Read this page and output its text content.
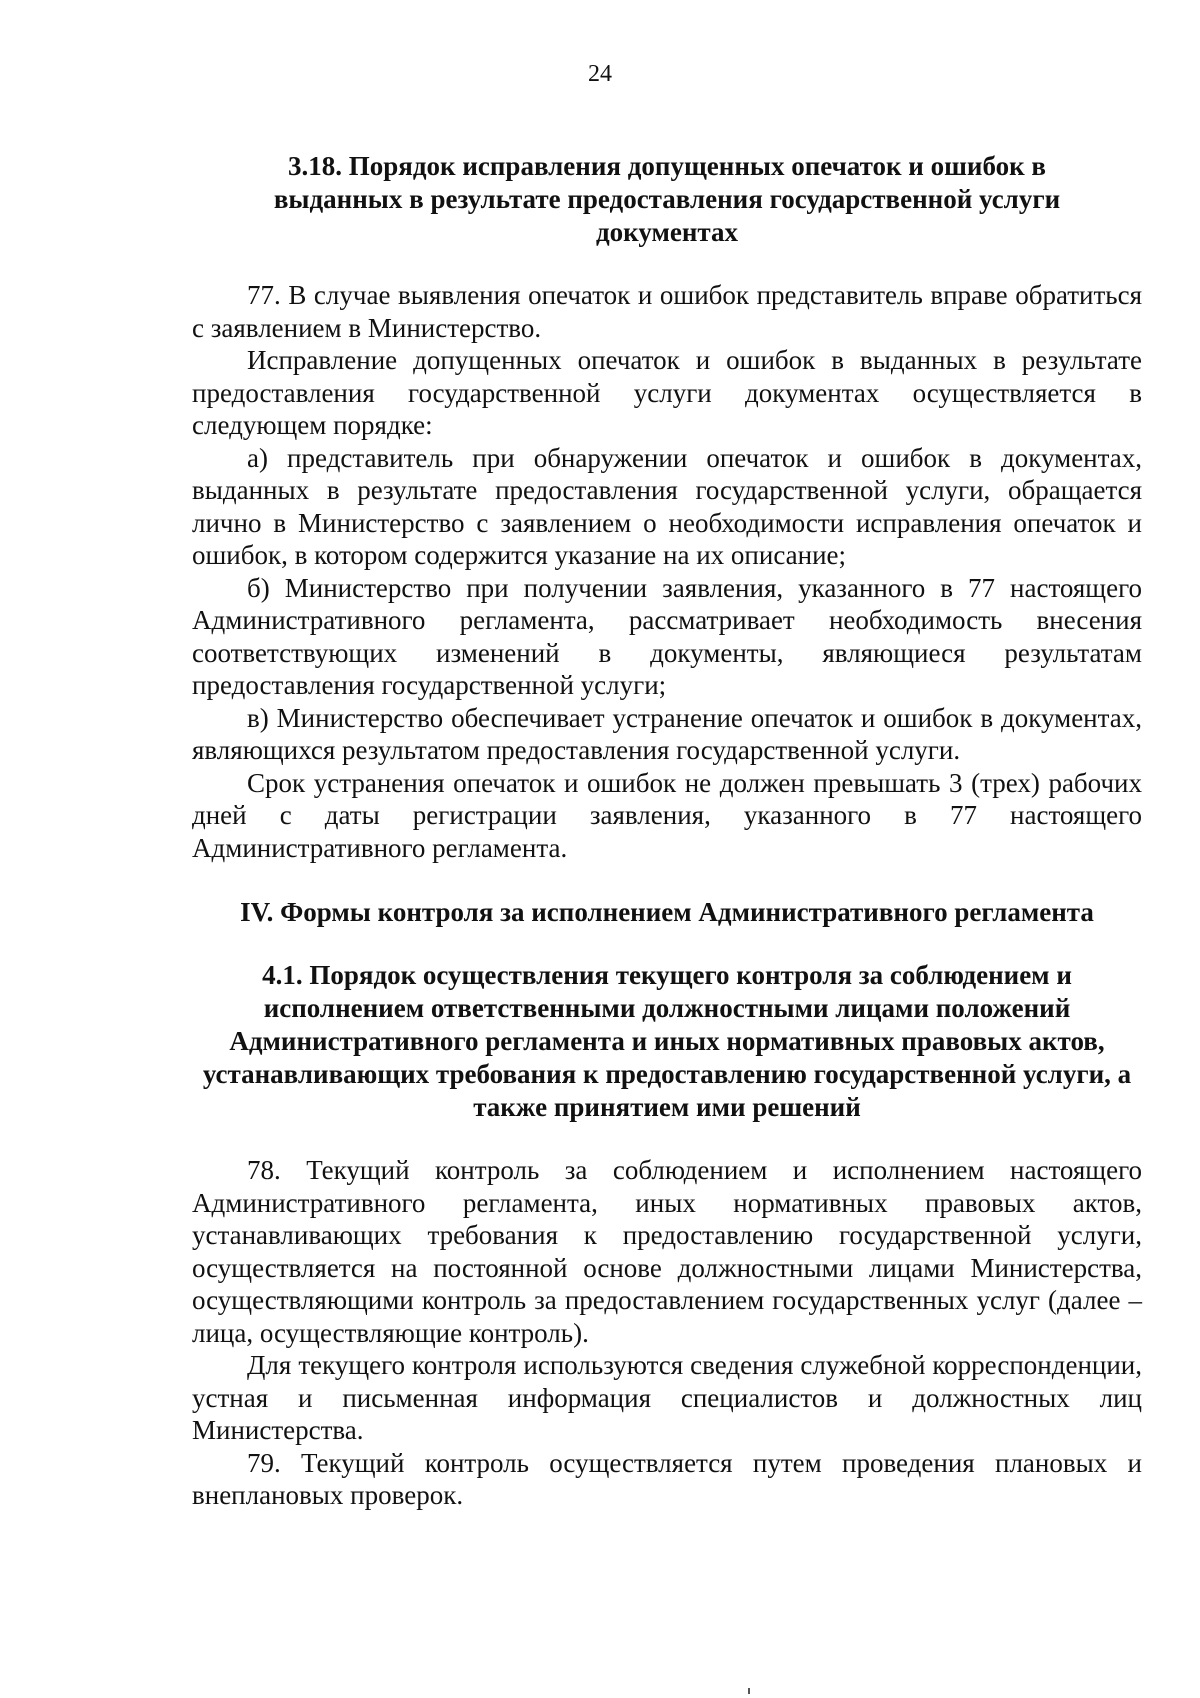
24
3.18. Порядок исправления допущенных опечаток и ошибок в выданных в результате предоставления государственной услуги документах

77. В случае выявления опечаток и ошибок представитель вправе обратиться с заявлением в Министерство.

Исправление допущенных опечаток и ошибок в выданных в результате предоставления государственной услуги документах осуществляется в следующем порядке:

а) представитель при обнаружении опечаток и ошибок в документах, выданных в результате предоставления государственной услуги, обращается лично в Министерство с заявлением о необходимости исправления опечаток и ошибок, в котором содержится указание на их описание;

б) Министерство при получении заявления, указанного в 77 настоящего Административного регламента, рассматривает необходимость внесения соответствующих изменений в документы, являющиеся результатам предоставления государственной услуги;

в) Министерство обеспечивает устранение опечаток и ошибок в документах, являющихся результатом предоставления государственной услуги.

Срок устранения опечаток и ошибок не должен превышать 3 (трех) рабочих дней с даты регистрации заявления, указанного в 77 настоящего Административного регламента.

IV. Формы контроля за исполнением Административного регламента
4.1. Порядок осуществления текущего контроля за соблюдением и исполнением ответственными должностными лицами положений Административного регламента и иных нормативных правовых актов, устанавливающих требования к предоставлению государственной услуги, а также принятием ими решений

78. Текущий контроль за соблюдением и исполнением настоящего Административного регламента, иных нормативных правовых актов, устанавливающих требования к предоставлению государственной услуги, осуществляется на постоянной основе должностными лицами Министерства, осуществляющими контроль за предоставлением государственных услуг (далее – лица, осуществляющие контроль).

Для текущего контроля используются сведения служебной корреспонденции, устная и письменная информация специалистов и должностных лиц Министерства.

79. Текущий контроль осуществляется путем проведения плановых и внеплановых проверок.
